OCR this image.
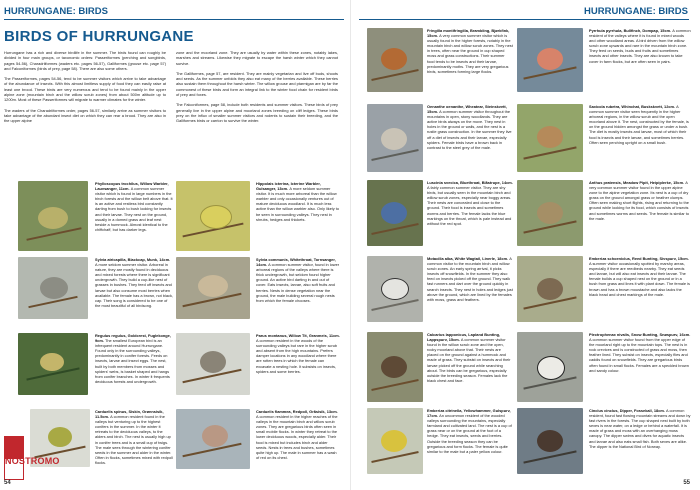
HURRUNGANE: BIRDS
BIRDS OF HURRUNGANE

Hurrungane has a rich and diverse birdlife in the summer. The birds found can roughly be divided in four main groups, or taxonomic orders: Passeriformes (perching and songbirds, pages 54-56), Charadriiformes (waders etc. pages 56-57), Galliformes (grouse etc. page 57) and Falconiformes (birds of prey, page 58). There are also some others.

The Passeriformes, pages 54-56, tend to be summer visitors which arrive to take advantage of the abundance of insects. With this almost limitless supply of food they can easily raise at least one brood. These birds are very numerous and tend to be found mainly in the upper alpine zone (mountain birch and the willow scrub zones) from about 500m altitude up to 1200m. Most of these Passeriformes will migrate to warmer climates for the winter.

The waders of the Charadriiformes order, pages 56-57, similarly arrive as summer visitors to take advantage of the abundant insect diet on which they can rear a brood. They are also in the upper alpine

zone and the moorland zone. They are usually by water within these zones, notably lakes, marshes and streams. Likewise they migrate to escape the harsh winter which they cannot survive.

The Galliformes, page 57, are resident. They are mainly vegetarian and live off buds, shoots and seeds. As the summer unfolds they also eat many of the berries available. These berries also sustain them throughout the harsh winter. The willow grouse and ptarmigan are by far the commonest of these birds and form an integral link to the winter food chain for resident birds of prey and foxes.

The Falconiformes, page 58, include both residents and summer visitors. These birds of prey generally live in the upper alpine and moorland zones breeding on cliff ledges. These birds prey on the influx of smaller summer visitors and rodents to sustain their breeding, and the Galliformes birds or carrion to survive the winter.

Phylloscopus trochilus, Willow Warbler, Lauvsanger, 11cm. A common summer visitor which is found in large numbers in the birch forests and the willow belt above that. It is an active and restless bird constantly darting from bush to bush looking for insects and their larvae. They nest on the ground, usually in a domed grass and leaf nest beside a hummock. Almost identical to the chiffchaff, but has darker legs.
Hippolais icterina, Icterine Warbler, Gulsanger, 13cm. A more seldom summer visitor. It is much more arboreal than the willow warbler and only occasionally ventures out of mature deciduous woodland. It is much less active than the willow warbler also. Only likely to be seen in surrounding valleys. They nest in shrubs, hedges and thickets.
Sylvia atricapilla, Blackcap, Munk, 14cm. A more seldom summer visitor. Arboreal in nature, they are mostly found in deciduous and mixed forests where there is significant undergrowth. They build a cup-like nest of grasses in bushes. They feed off insects and larvae but also consume most berries when available. The female has a brown, not black, cap. Their song is considered to be one of the most beautiful of all birdsong.
Sylvia communis, Whitethroat, Tornsanger, 14cm. A common summer visitor, found in lower arboreal regions of the valleys where there is thick undergrowth, but seldom found higher ground. An active bird darting in and out of cover. Eats insects, larvae, also soft fruits and berries. Nests in dense vegetation near the ground, the male building several rough nests from which the female chooses.
Regulus regulus, Goldcrest, Fuglekonge, 9cm. The smallest European bird is an infrequent resident around Hurrungane. Found only in the surrounding valleys, predominantly in conifer forests. Feeds on insects, larvae and insect eggs. The nest, built by both members from mosses and spiders' webs, is basket shaped and hangs from conifer branches. In winter it frequents deciduous forests and undergrowth.
Parus montanus, Willow Tit, Granmeis, 11cm. A common resident in the woods of the surrounding valleys but rare in the higher scrub and absent from the high mountains. Prefers damper locations in any woodland where there are rotten trees in which the female can excavate a nesting hole. It subsists on insects, spiders and some berries.
Carduelis spinus, Siskin, Grønnsisik, 11.5cm. A common resident found in the valleys but venturing up to the highest conifers in the summer. In the winter it retreats to the deciduous valleys, to the alders and birch. The nest is usually high up in conifer trees and is a small cup of twigs. The male sees through the wintering conifer seeds in the summer and alder in the winter. Often in flocks, sometimes mixed with redpoll flocks.
Carduelis flammea, Redpoll, Gråsisik, 13cm. A common resident in the higher reaches of the valleys in the mountain birch and willow scrub zones. They are gregarious birds often seen in small mobile flocks. In winter they retreat to the lower deciduous woods, especially alder. Their food is mixed but includes birch and alder seeds. Nests in trees and bushes, sometimes quite high up. The male in summer has a wash of red on its chest.
NOSTROMO
54
HURRUNGANE: BIRDS
Fringilla montifringilla, Brambling, Bjørkfink, 15cm. A very common summer visitor which is usually found in the higher forests, notably in the mountain birch and willow scrub zones. They nest in trees, often near the ground in cup shaped moss and grass constructions. Their summer food tends to be insects and their larvae, predominantly moths. They are very gregarious birds, sometimes forming large flocks.
Pyrrhula pyrrhula, Bullfinch, Dompap, 15cm. A common resident of the valleys where it is found in mixed woods and other woodland areas. A bird driven from the willow scrub zone upwards and rare in the mountain birch zone. They feed on seeds, buds and fruits and sometimes insects and other insects. They are also known to take cover in farm flocks, but are often seen in pairs.
Oenanthe oenanthe, Wheatear, Steinskvett, 15cm. A common summer visitor throughout the mountains in open, stony woodlands. They are active birds always on the move. They nest in holes in the ground or walls, and the nest is a rustle grass construction. In the summer they live off a diet of insects and their larvae, especially spiders. Female birds have a brown back in contrast to the steel grey of the male.
Saxicola rubetra, Whinchat, Buskskvett, 12cm. A common summer visitor seen frequently in the higher arboreal regions, in the willow scrub and the open moorland above it. The nest, constructed by the female, is on the ground hidden amongst the grass or under a bush. The diet is mostly insects and larvae, most of which their food is insects and their larvae, and sometimes berries. Often seen perching upright on a small bush.
Luscinia svecica, Bluethroat, Blåstrupe, 14cm. A fairly common summer visitor. They are shy birds, but usually seen in the mountain birch and willow scrub zones, especially near boggy areas. Their nests are concealed and close to the ground. Their food is insects and sometimes worms and berries. The female lacks the blue markings on the throat, which is pale instead and without the red spot.
Anthus pratensis, Meadow Pipit, Heipiplerke, 15cm. A very common summer visitor found in the upper alpine zone to the alpine vegetation zone. Its nest is a cup of dry grass on the ground amongst grass or heather clumps. Often seen making short flights, rising and returning to the ground while looking for its food, which consists of insects and sometimes worms and seeds. The female is similar to the male.
Motacilla alba, White Wagtail, Linerle, 18cm. A common visitor to the mountain birch and willow scrub zones. An early spring arrival, it picks insects off snowfields. In the summer they also feed on insects picked off the ground. They walk fast runners and dart over the ground quickly in search insects. They nest in holes and ledges just above the ground, which are lined by the females with moss, grass and feathers.
Emberiza schoeniclus, Reed Bunting, Sivspurv, 15cm. A summer visitor occasionally spotted by marshy areas, especially if there are reedbeds nearby. They eat seeds and larvae, but will also eat insects and their larvae. The female builds a cup shaped nest on the ground or in a bush from grass and lines it with plant down. The female is brown and has a brown moustache and also lacks the black head and chest markings of the male.
Calcarius lapponicus, Lapland Bunting, Lappspurv, 15cm. A common summer visitor found in the willow scrub zone and the open, rocky moorland above that. Their nests are placed on the ground against a hummock and made of grass. They subsist on insects and their larvae picked off the ground while searching about. The birds can be gregarious, especially outside the breeding season. Females lack the black chest and face.
Plectrophenax nivalis, Snow Bunting, Snøspurv, 16cm. A common summer visitor found from the upper edge of the moorland right up to the mountain tops. The nest is in rock crevices and is constructed of grass and moss, then feather lined. They subsist on insects, especially flies and caddis found on snowfields. They are gregarious birds often found in small flocks. Females are a speckled brown and sandy colour.
Emberiza citrinella, Yellowhammer, Gulspurv, 17cm. An uncommon resident of the wooded valleys surrounding the mountains, especially farmland and cultivated land. The nest is a cup of grass near or on the ground at the foot of a hedge. They eat insects, seeds and berries. Outside the breeding season they can be gregarious and form flocks. The female is quite similar to the male but a paler yellow colour.
Cinclus cinclus, Dipper, Fossekall, 18cm. A common resident, found fast flowing mountain streams and down by fast rivers in the forests. The cup shaped nest built by both sexes is near water, on a ledge or behind a waterfall. It is made of grass and moss with an overhanging moss canopy. The dipper swims and dives for aquatic insects and larvae and also eats small fish. Both sexes are alike. The dipper is the National Bird of Norway.
55
